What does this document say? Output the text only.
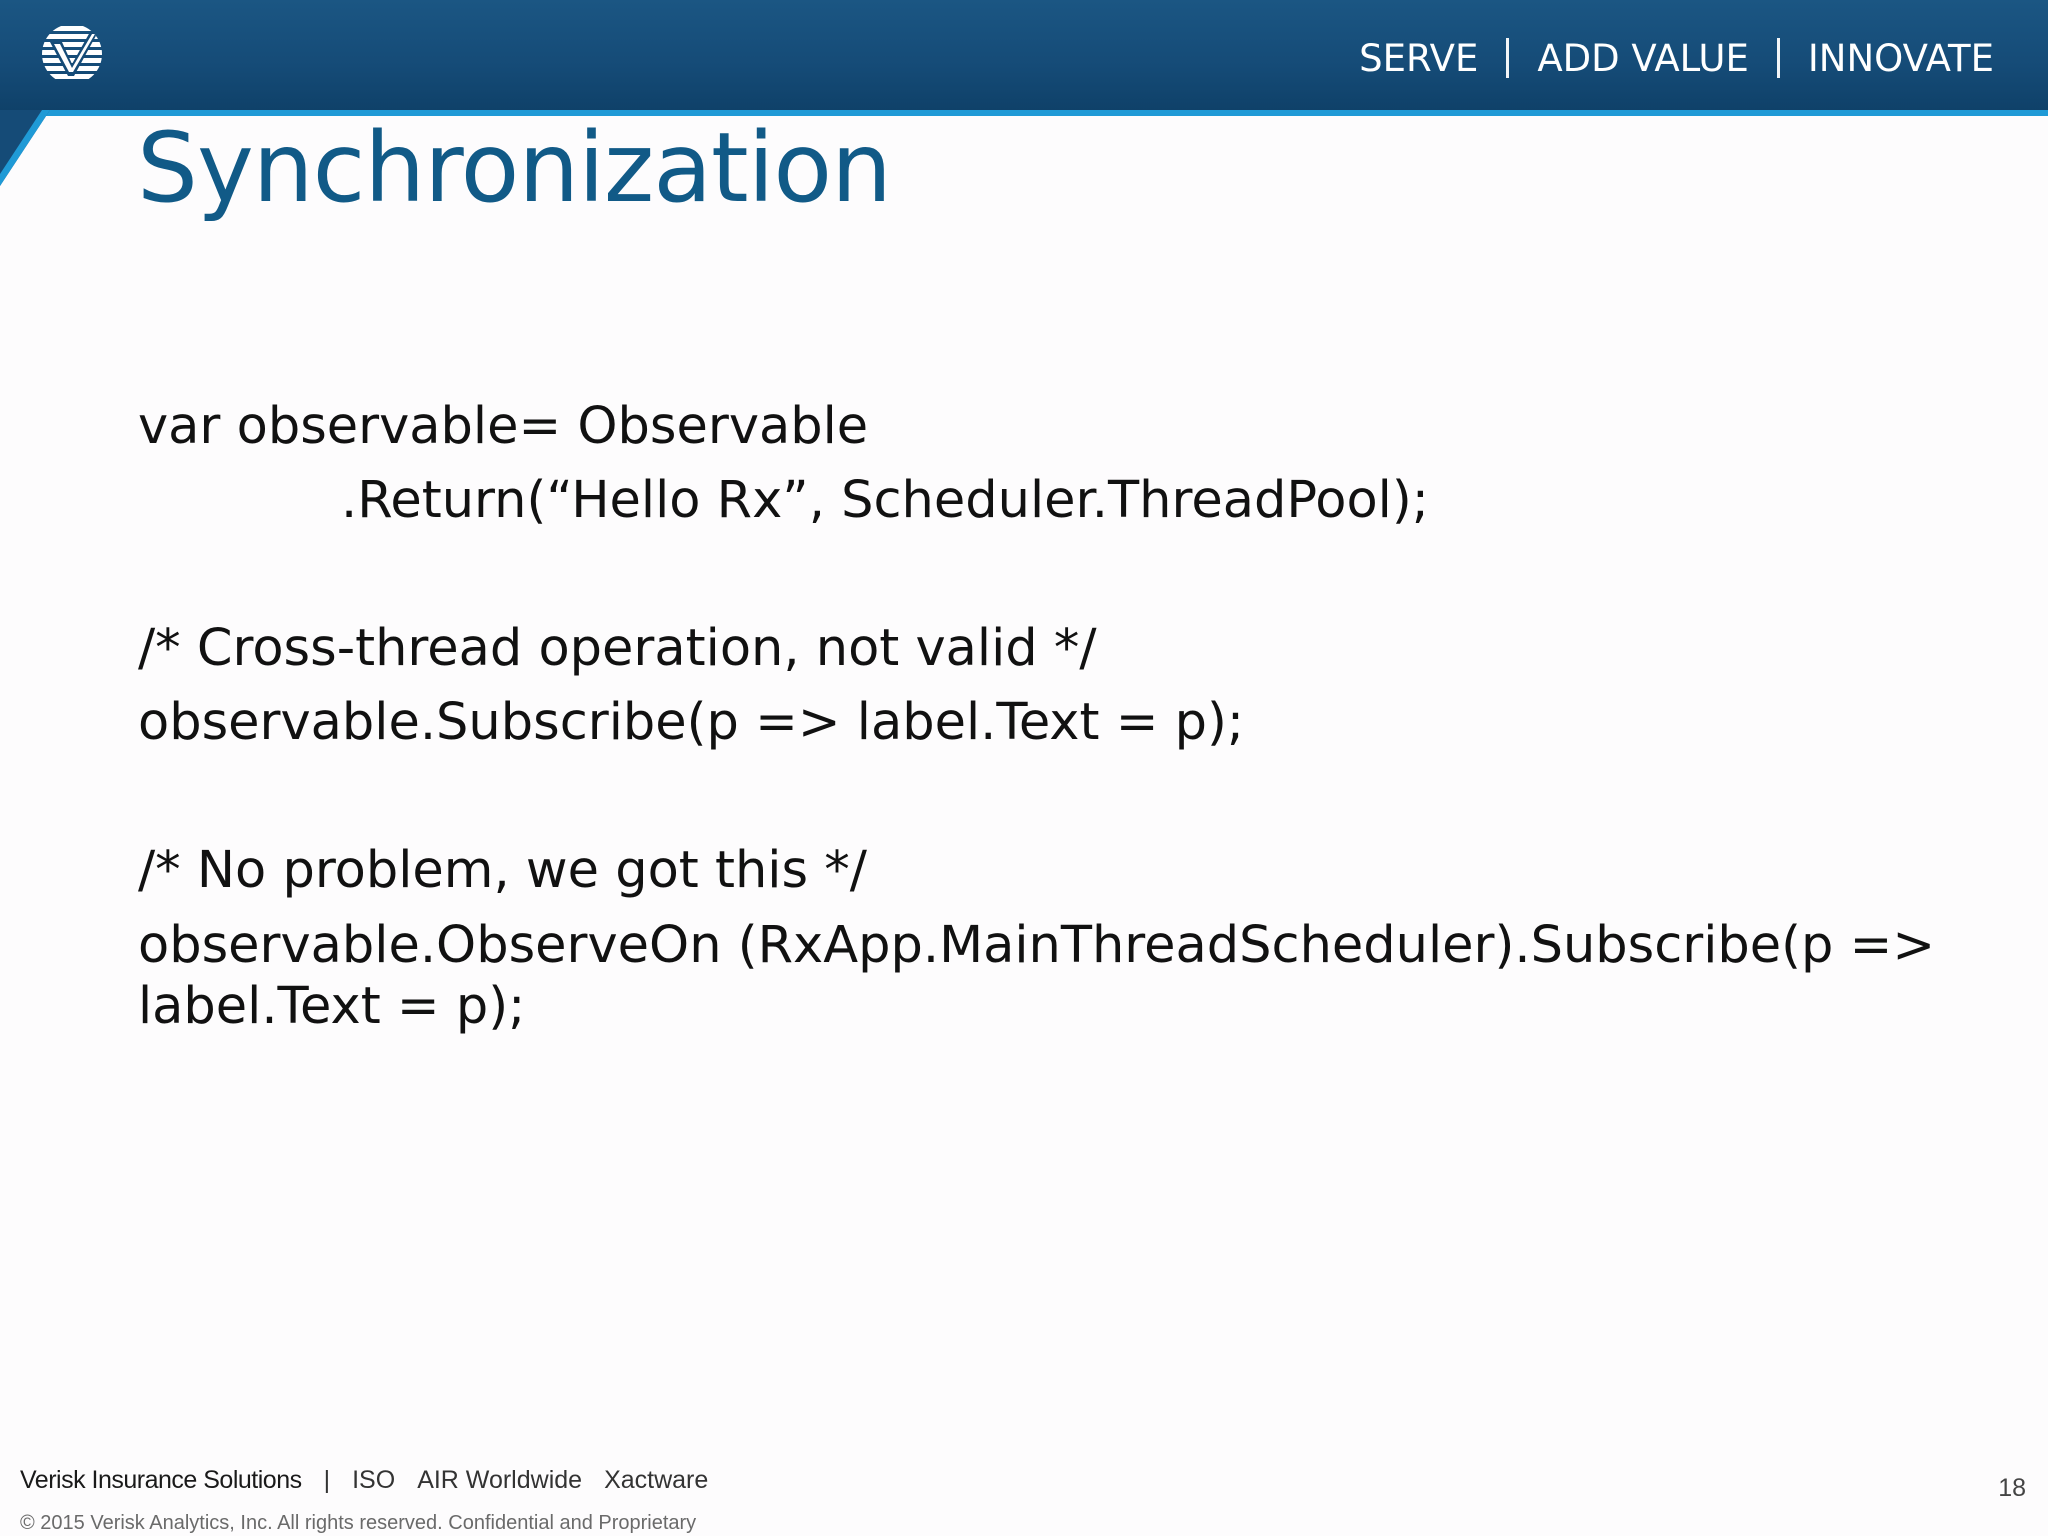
SERVE ADD VALUE INNOVATE
Synchronization
var observable= Observable
.Return(“Hello Rx”, Scheduler.ThreadPool);
/* Cross-thread operation, not valid */
observable.Subscribe(p => label.Text = p);
/* No problem, we got this */
observable.ObserveOn (RxApp.MainThreadScheduler).Subscribe(p =>
label.Text = p);
Verisk Insurance Solutions | ISO AIR Worldwide Xactware
© 2015 Verisk Analytics, Inc. All rights reserved. Confidential and Proprietary
18
